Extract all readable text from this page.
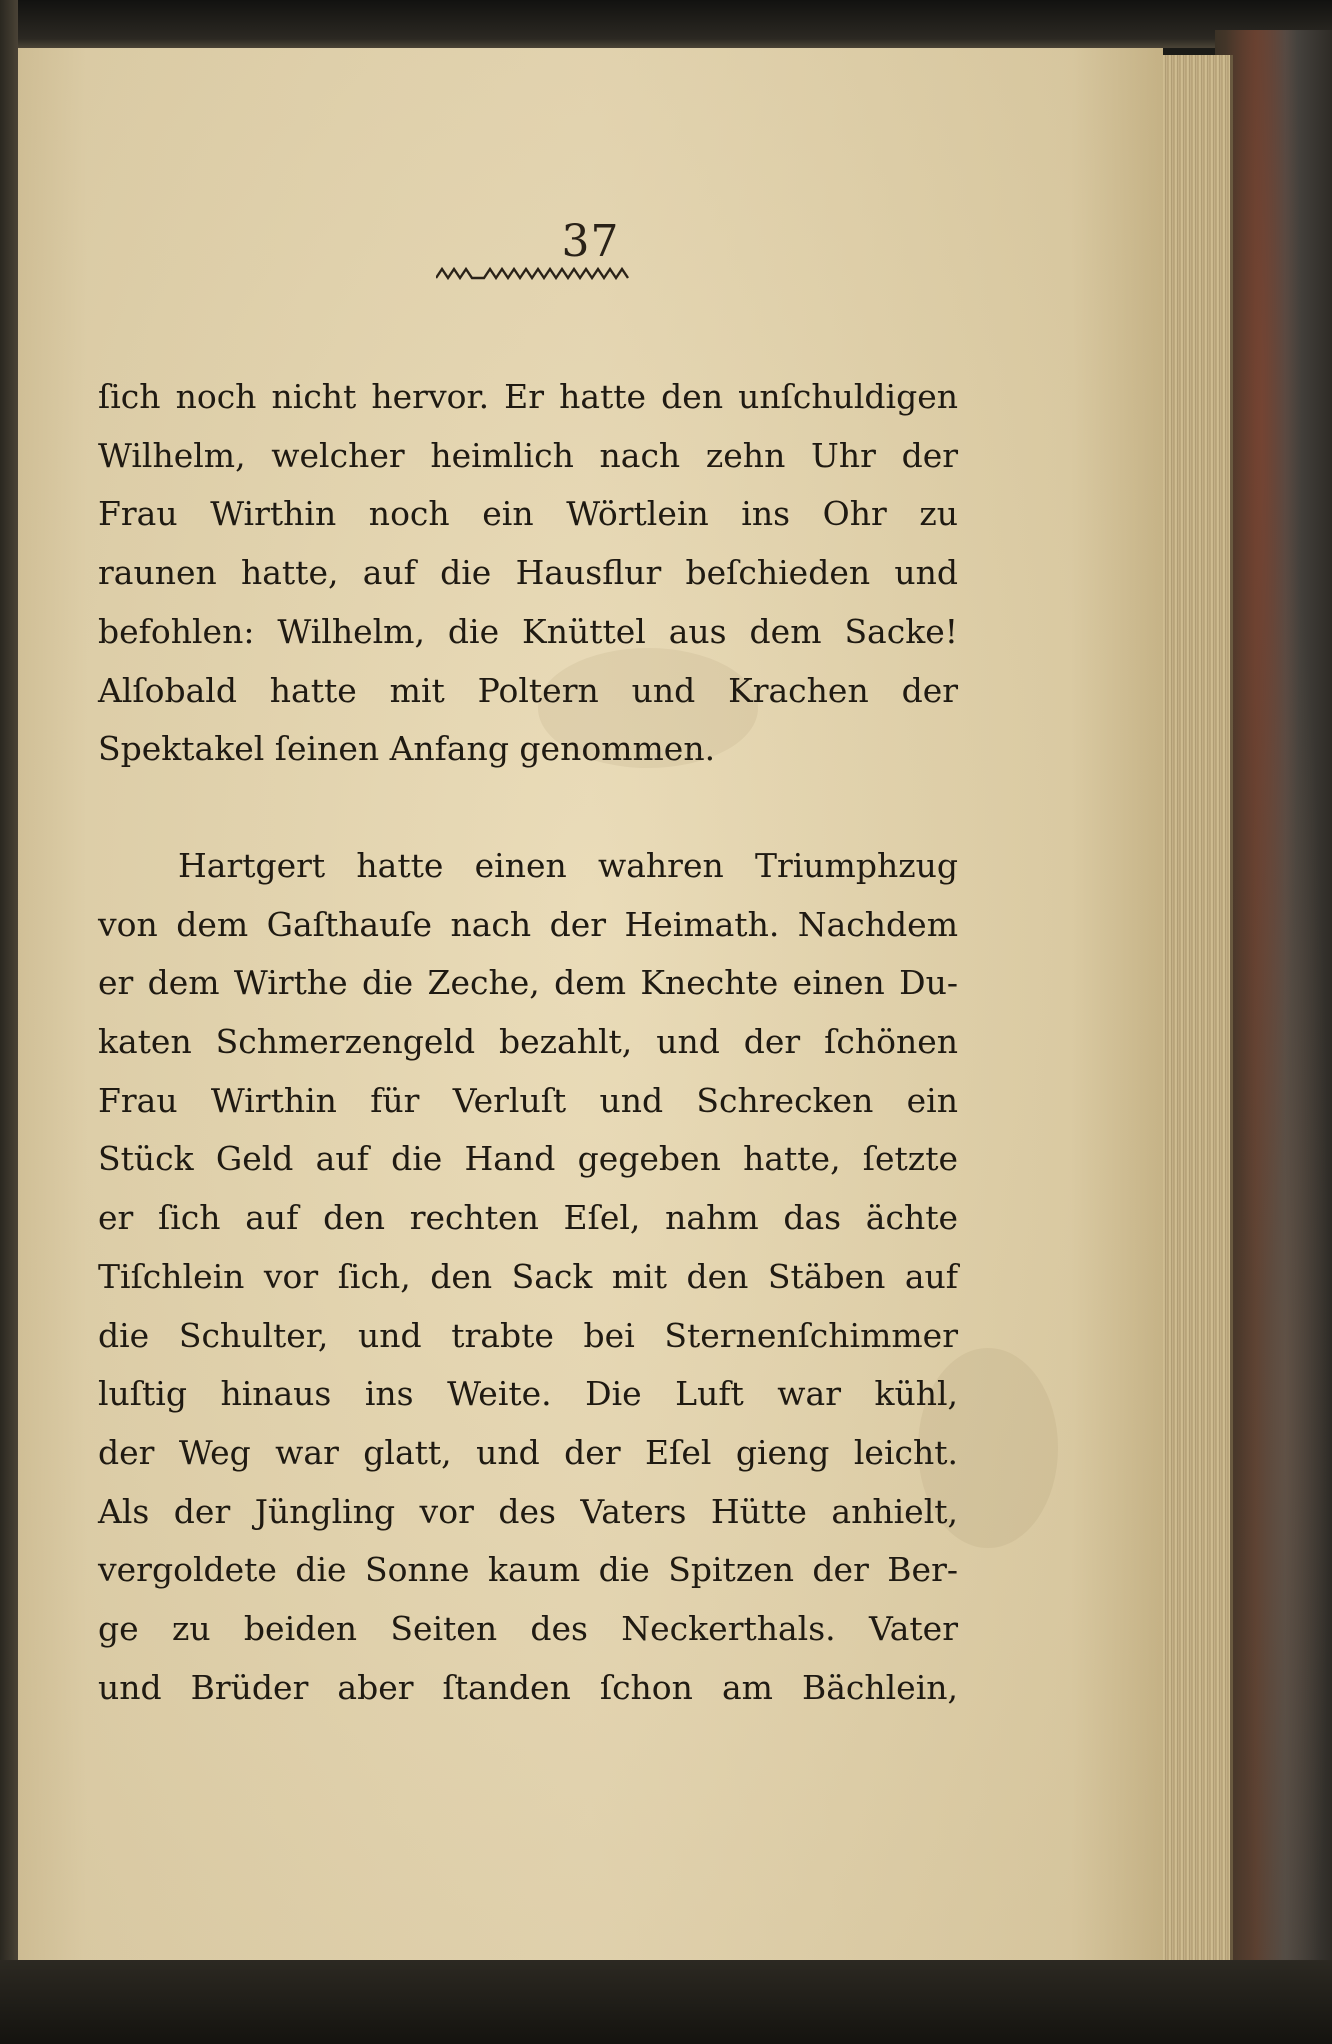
37
ſich noch nicht hervor. Er hatte den unſchuldigen
Wilhelm, welcher heimlich nach zehn Uhr der
Frau Wirthin noch ein Wörtlein ins Ohr zu
raunen hatte, auf die Hausflur beſchieden und
befohlen: Wilhelm, die Knüttel aus dem Sacke!
Alſobald hatte mit Poltern und Krachen der
Spektakel ſeinen Anfang genommen.
Hartgert hatte einen wahren Triumphzug
von dem Gaſthauſe nach der Heimath. Nachdem
er dem Wirthe die Zeche, dem Knechte einen Du-
katen Schmerzengeld bezahlt, und der ſchönen
Frau Wirthin für Verluſt und Schrecken ein
Stück Geld auf die Hand gegeben hatte, ſetzte
er ſich auf den rechten Eſel, nahm das ächte
Tiſchlein vor ſich, den Sack mit den Stäben auf
die Schulter, und trabte bei Sternenſchimmer
luſtig hinaus ins Weite. Die Luft war kühl,
der Weg war glatt, und der Eſel gieng leicht.
Als der Jüngling vor des Vaters Hütte anhielt,
vergoldete die Sonne kaum die Spitzen der Ber-
ge zu beiden Seiten des Neckerthals. Vater
und Brüder aber ſtanden ſchon am Bächlein,
